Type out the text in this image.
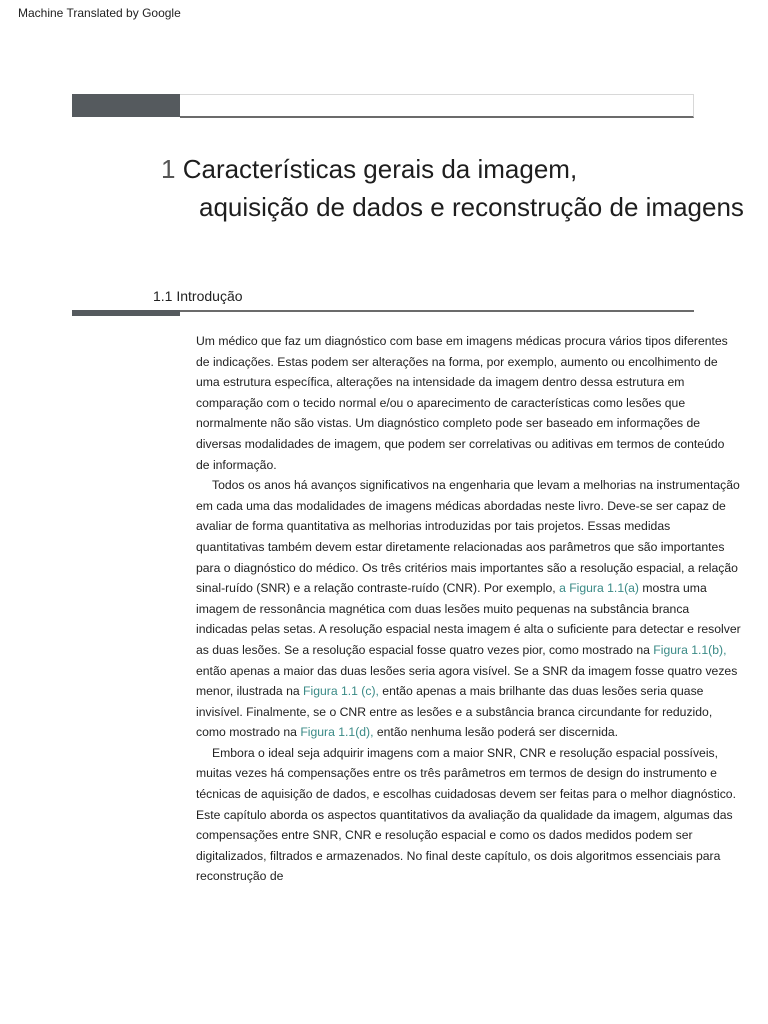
Machine Translated by Google
1 Características gerais da imagem,
aquisição de dados e reconstrução de imagens
1.1 Introdução

Um médico que faz um diagnóstico com base em imagens médicas procura vários tipos diferentes de indicações. Estas podem ser alterações na forma, por exemplo, aumento ou encolhimento de uma estrutura específica, alterações na intensidade da imagem dentro dessa estrutura em comparação com o tecido normal e/ou o aparecimento de características como lesões que normalmente não são vistas. Um diagnóstico completo pode ser baseado em informações de diversas modalidades de imagem, que podem ser correlativas ou aditivas em termos de conteúdo de informação.

Todos os anos há avanços significativos na engenharia que levam a melhorias na instrumentação em cada uma das modalidades de imagens médicas abordadas neste livro. Deve-se ser capaz de avaliar de forma quantitativa as melhorias introduzidas por tais projetos. Essas medidas quantitativas também devem estar diretamente relacionadas aos parâmetros que são importantes para o diagnóstico do médico. Os três critérios mais importantes são a resolução espacial, a relação sinal-ruído (SNR) e a relação contraste-ruído (CNR). Por exemplo, a Figura 1.1(a) mostra uma imagem de ressonância magnética com duas lesões muito pequenas na substância branca indicadas pelas setas. A resolução espacial nesta imagem é alta o suficiente para detectar e resolver as duas lesões. Se a resolução espacial fosse quatro vezes pior, como mostrado na Figura 1.1(b), então apenas a maior das duas lesões seria agora visível. Se a SNR da imagem fosse quatro vezes menor, ilustrada na Figura 1.1 (c), então apenas a mais brilhante das duas lesões seria quase invisível. Finalmente, se o CNR entre as lesões e a substância branca circundante for reduzido, como mostrado na Figura 1.1(d), então nenhuma lesão poderá ser discernida.

Embora o ideal seja adquirir imagens com a maior SNR, CNR e resolução espacial possíveis, muitas vezes há compensações entre os três parâmetros em termos de design do instrumento e técnicas de aquisição de dados, e escolhas cuidadosas devem ser feitas para o melhor diagnóstico. Este capítulo aborda os aspectos quantitativos da avaliação da qualidade da imagem, algumas das compensações entre SNR, CNR e resolução espacial e como os dados medidos podem ser digitalizados, filtrados e armazenados. No final deste capítulo, os dois algoritmos essenciais para reconstrução de
